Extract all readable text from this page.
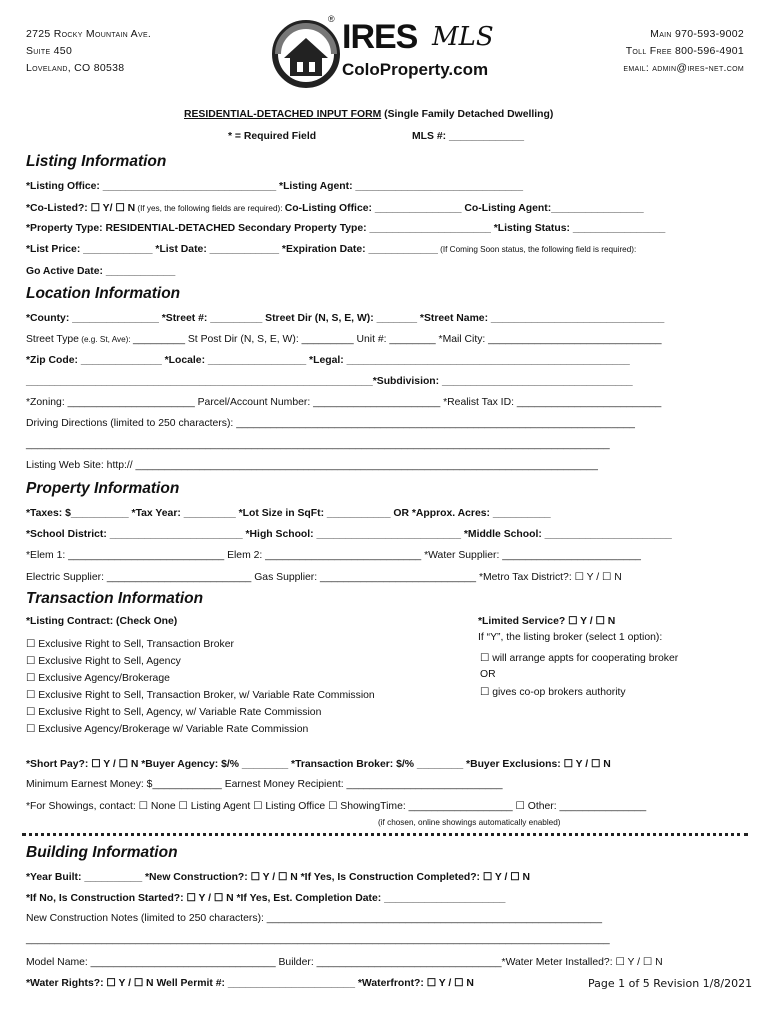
2725 Rocky Mountain Ave.
Suite 450
Loveland, CO 80538
IRES
®
MLS
ColoProperty.com
Main 970-593-9002
Toll Free 800-596-4901
email: admin@ires-net.com
RESIDENTIAL-DETACHED INPUT FORM (Single Family Detached Dwelling)
* = Required Field	MLS #: _____________
Listing Information
*Listing Office: ______________________________ *Listing Agent: _____________________________
*Co-Listed?: ☐ Y/ ☐ N (If yes, the following fields are required): Co-Listing Office: _______________ Co-Listing Agent:________________
*Property Type: RESIDENTIAL-DETACHED Secondary Property Type: _____________________ *Listing Status: ________________
*List Price: ____________ *List Date: ____________ *Expiration Date: ____________ (If Coming Soon status, the following field is required):
Go Active Date: ____________
Location Information
*County: _______________ *Street #: _________ Street Dir (N, S, E, W): _______ *Street Name: ______________________________
Street Type (e.g. St, Ave): _________ St Post Dir (N, S, E, W): _________ Unit #: ________ *Mail City: ______________________________
*Zip Code: ______________ *Locale: _________________ *Legal: _________________________________________________
____________________________________________________________*Subdivision: _________________________________
*Zoning: ______________________ Parcel/Account Number: ______________________ *Realist Tax ID: _________________________
Driving Directions (limited to 250 characters): _____________________________________________________________________
_____________________________________________________________________________________________________
Listing Web Site: http:// ________________________________________________________________________________
Property Information
*Taxes: $__________ *Tax Year: _________ *Lot Size in SqFt: ___________ OR *Approx. Acres: __________
*School District: _______________________ *High School: _________________________ *Middle School: ______________________
*Elem 1: ___________________________ Elem 2: ___________________________ *Water Supplier: ________________________
Electric Supplier: _________________________ Gas Supplier: ___________________________ *Metro Tax District?: ☐ Y / ☐ N
Transaction Information
*Listing Contract: (Check One)
☐ Exclusive Right to Sell, Transaction Broker
☐ Exclusive Right to Sell, Agency
☐ Exclusive Agency/Brokerage
☐ Exclusive Right to Sell, Transaction Broker, w/ Variable Rate Commission
☐ Exclusive Right to Sell, Agency, w/ Variable Rate Commission
☐ Exclusive Agency/Brokerage w/ Variable Rate Commission
*Limited Service? ☐ Y / ☐ N
If “Y”, the listing broker (select 1 option):
☐ will arrange appts for cooperating broker
OR
☐ gives co-op brokers authority
*Short Pay?: ☐ Y / ☐ N *Buyer Agency: $/% ________ *Transaction Broker: $/% ________ *Buyer Exclusions: ☐ Y / ☐ N
Minimum Earnest Money: $____________ Earnest Money Recipient: ___________________________
*For Showings, contact: ☐ None ☐ Listing Agent ☐ Listing Office ☐ ShowingTime: __________________ ☐ Other: _______________
(if chosen, online showings automatically enabled)
Building Information
*Year Built: __________ *New Construction?: ☐ Y / ☐ N *If Yes, Is Construction Completed?: ☐ Y / ☐ N
*If No, Is Construction Started?: ☐ Y / ☐ N *If Yes, Est. Completion Date: _____________________
New Construction Notes (limited to 250 characters): __________________________________________________________
_____________________________________________________________________________________________________
Model Name: ________________________________ Builder: ________________________________*Water Meter Installed?: ☐ Y / ☐ N
*Water Rights?: ☐ Y / ☐ N Well Permit #: ______________________ *Waterfront?: ☐ Y / ☐ N	Page 1 of 5 Revision 1/8/2021
